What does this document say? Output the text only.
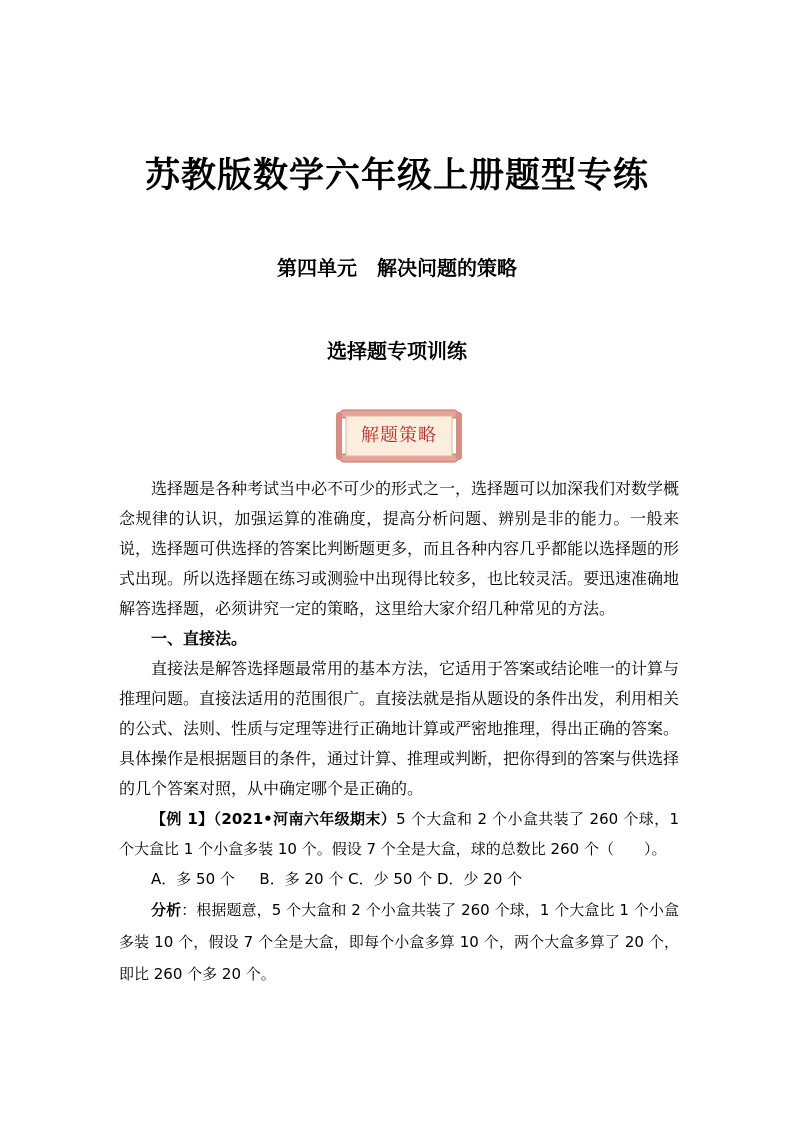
苏教版数学六年级上册题型专练
第四单元　解决问题的策略
选择题专项训练
解题策略

选择题是各种考试当中必不可少的形式之一，选择题可以加深我们对数学概念规律的认识，加强运算的准确度，提高分析问题、辨别是非的能力。一般来说，选择题可供选择的答案比判断题更多，而且各种内容几乎都能以选择题的形式出现。所以选择题在练习或测验中出现得比较多，也比较灵活。要迅速准确地解答选择题，必须讲究一定的策略，这里给大家介绍几种常见的方法。

一、直接法。

直接法是解答选择题最常用的基本方法，它适用于答案或结论唯一的计算与推理问题。直接法适用的范围很广。直接法就是指从题设的条件出发，利用相关的公式、法则、性质与定理等进行正确地计算或严密地推理，得出正确的答案。具体操作是根据题目的条件，通过计算、推理或判断，把你得到的答案与供选择的几个答案对照，从中确定哪个是正确的。

【例 1】（2021•河南六年级期末）5 个大盒和 2 个小盒共装了 260 个球，1 个大盒比 1 个小盒多装 10 个。假设 7 个全是大盒，球的总数比 260 个（　　）。

A．多 50 个　  B．多 20 个 C．少 50 个 D．少 20 个

分析：根据题意，5 个大盒和 2 个小盒共装了 260 个球，1 个大盒比 1 个小盒多装 10 个，假设 7 个全是大盒，即每个小盒多算 10 个，两个大盒多算了 20 个，即比 260 个多 20 个。
